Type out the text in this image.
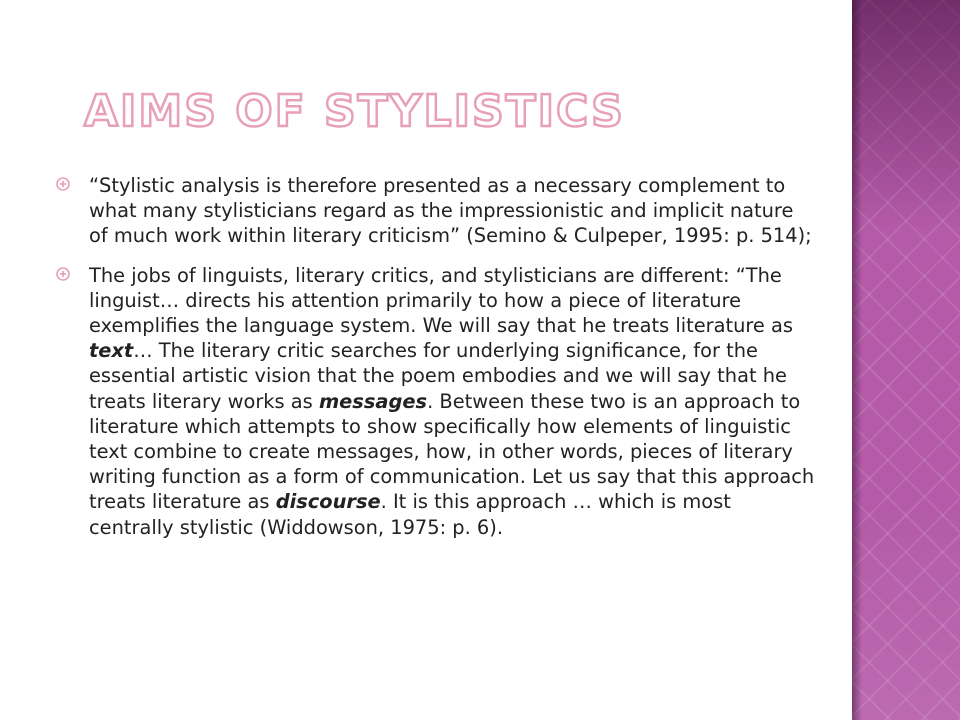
AIMS OF STYLISTICS
“Stylistic analysis is therefore presented as a necessary complement to what many stylisticians regard as the impressionistic and implicit nature of much work within literary criticism” (Semino & Culpeper, 1995: p. 514);
The jobs of linguists, literary critics, and stylisticians are different: “The linguist… directs his attention primarily to how a piece of literature exemplifies the language system. We will say that he treats literature as text… The literary critic searches for underlying significance, for the essential artistic vision that the poem embodies and we will say that he treats literary works as messages. Between these two is an approach to literature which attempts to show specifically how elements of linguistic text combine to create messages, how, in other words, pieces of literary writing function as a form of communication. Let us say that this approach treats literature as discourse. It is this approach … which is most centrally stylistic (Widdowson, 1975: p. 6).
